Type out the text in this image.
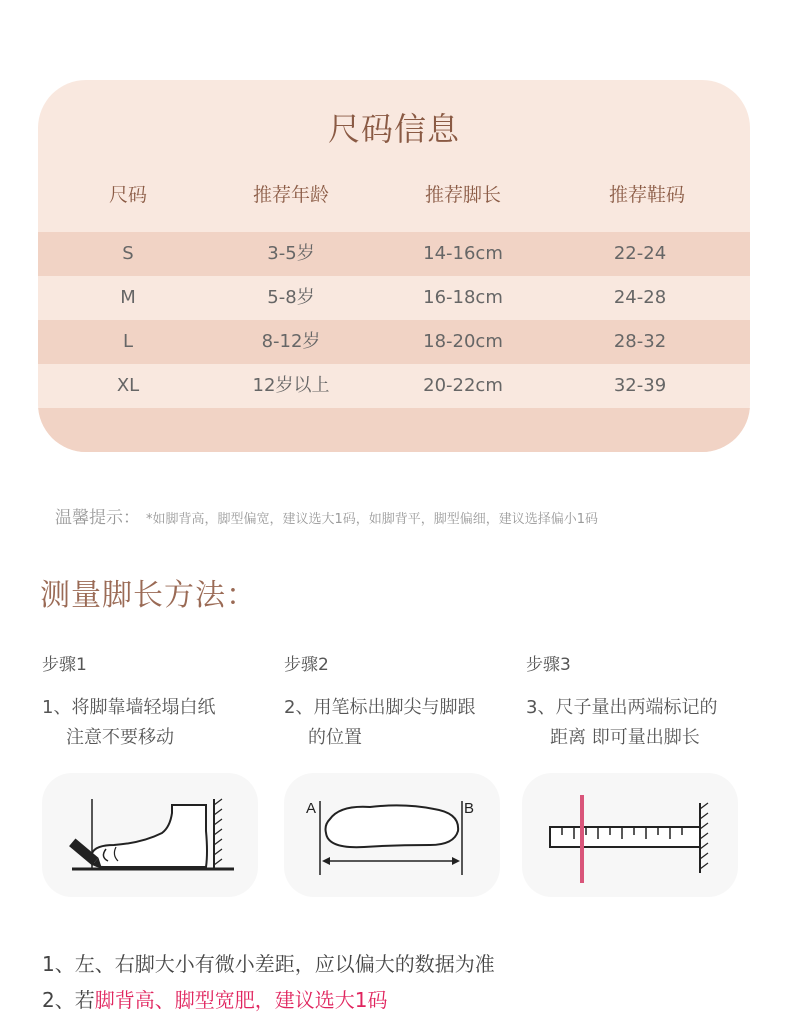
尺码信息
尺码	推荐年龄	推荐脚长	推荐鞋码
S	3-5岁	14-16cm	22-24
M	5-8岁	16-18cm	24-28
L	8-12岁	18-20cm	28-32
XL	12岁以上	20-22cm	32-39
温馨提示： *如脚背高，脚型偏宽，建议选大1码，如脚背平，脚型偏细，建议选择偏小1码
测量脚长方法：
步骤1
1、将脚靠墙轻塌白纸
注意不要移动
步骤2
2、用笔标出脚尖与脚跟
的位置
步骤3
3、尺子量出两端标记的
距离 即可量出脚长
A	B
1、左、右脚大小有微小差距，应以偏大的数据为准
2、若脚背高、脚型宽肥，建议选大1码
